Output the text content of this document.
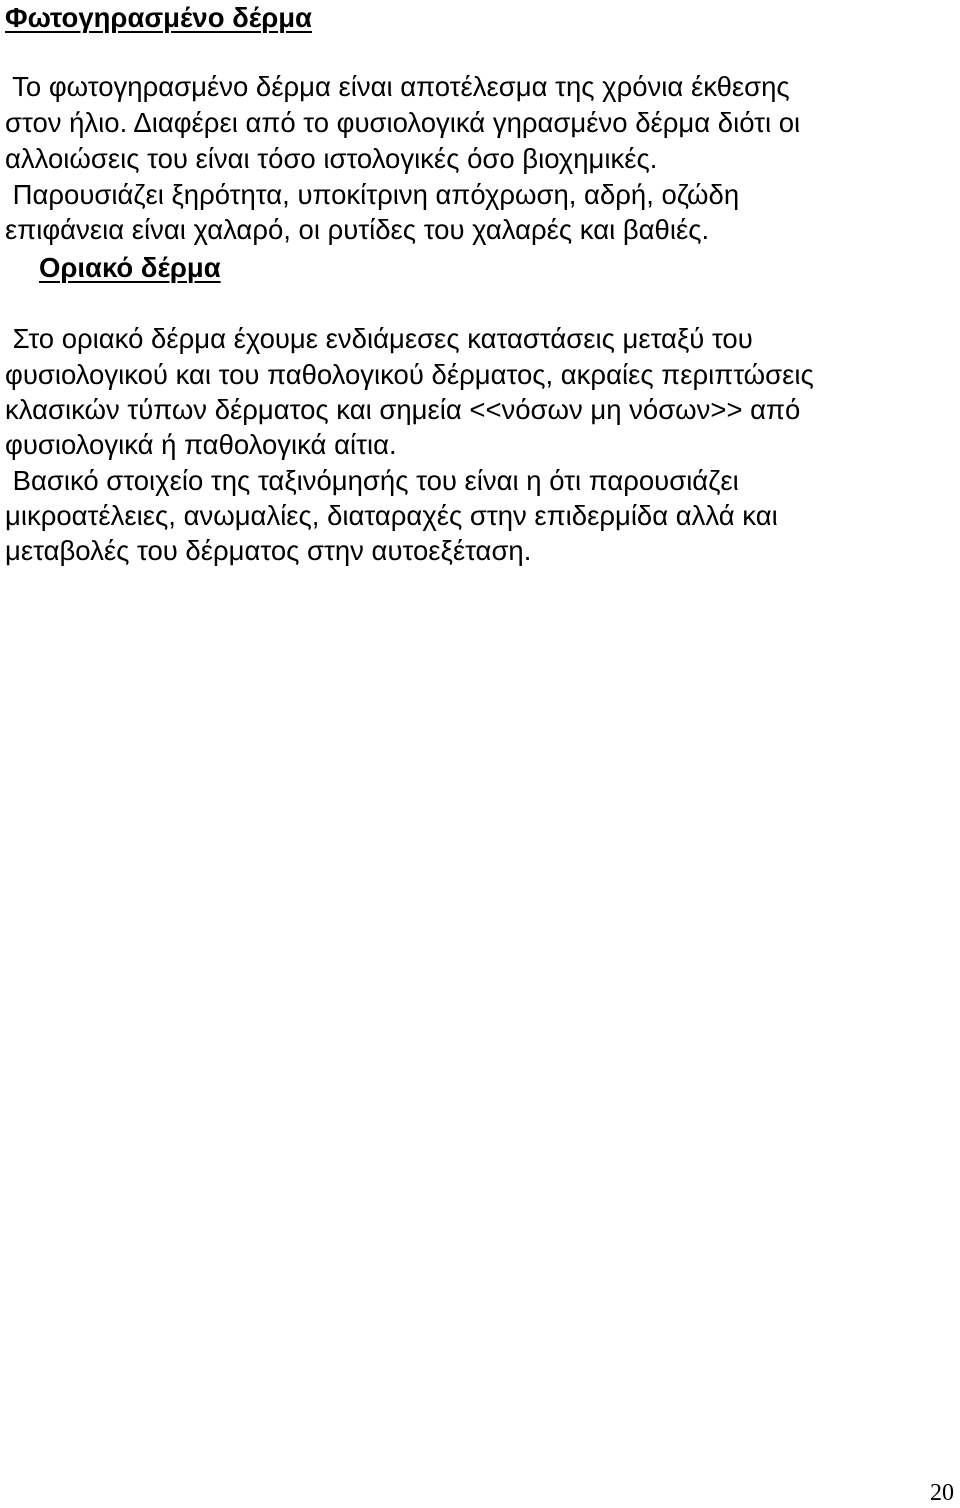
Φωτογηρασμένο δέρμα

Το φωτογηρασμένο δέρμα είναι αποτέλεσμα της χρόνια έκθεσης

στον ήλιο. Διαφέρει από το φυσιολογικά γηρασμένο δέρμα διότι οι

αλλοιώσεις του είναι τόσο ιστολογικές όσο βιοχημικές.

Παρουσιάζει ξηρότητα, υποκίτρινη απόχρωση, αδρή, οζώδη

επιφάνεια είναι χαλαρό, οι ρυτίδες του χαλαρές και βαθιές.

Οριακό δέρμα

Στο οριακό δέρμα έχουμε ενδιάμεσες καταστάσεις μεταξύ του

φυσιολογικού και του παθολογικού δέρματος, ακραίες περιπτώσεις

κλασικών τύπων δέρματος και σημεία <<νόσων μη νόσων>> από

φυσιολογικά ή παθολογικά αίτια.

Βασικό στοιχείο της ταξινόμησής του είναι η ότι παρουσιάζει

μικροατέλειες, ανωμαλίες, διαταραχές στην επιδερμίδα αλλά και

μεταβολές του δέρματος στην αυτοεξέταση.

20
